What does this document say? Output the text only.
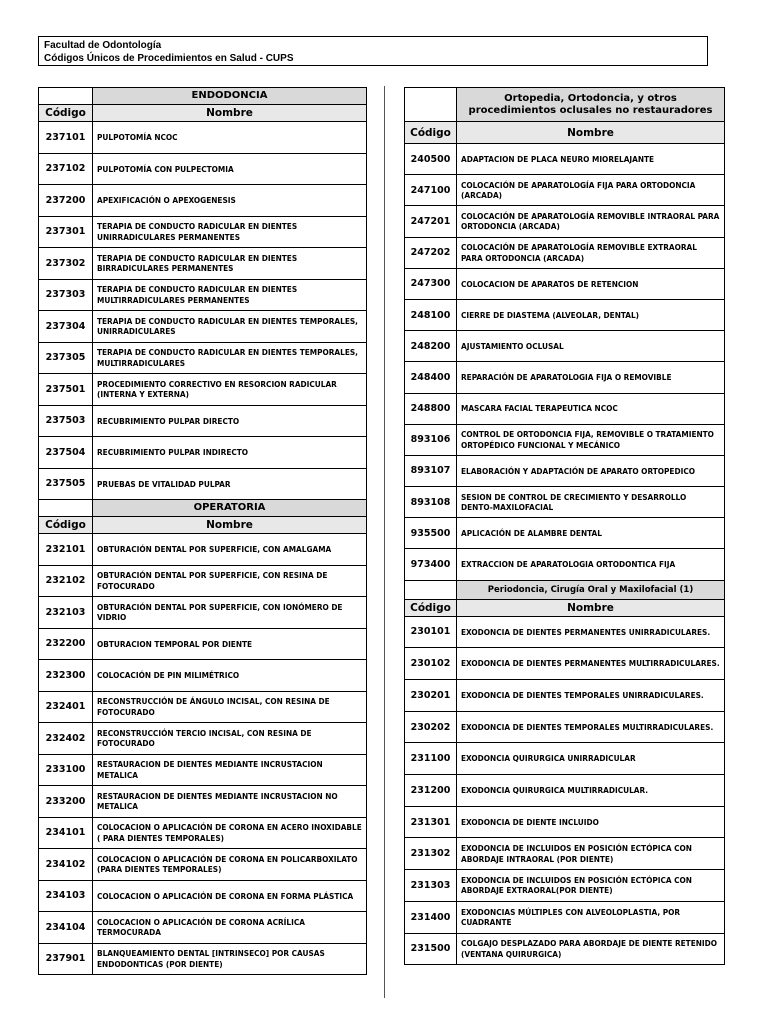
Facultad de Odontología
Códigos Únicos de Procedimientos en Salud - CUPS
	ENDODONCIA
Código	Nombre
237101	PULPOTOMÍA NCOC
237102	PULPOTOMÍA CON PULPECTOMIA
237200	APEXIFICACIÓN O APEXOGENESIS
237301	TERAPIA DE CONDUCTO RADICULAR EN DIENTES UNIRRADICULARES PERMANENTES
237302	TERAPIA DE CONDUCTO RADICULAR EN DIENTES BIRRADICULARES PERMANENTES
237303	TERAPIA DE CONDUCTO RADICULAR EN DIENTES MULTIRRADICULARES PERMANENTES
237304	TERAPIA DE CONDUCTO RADICULAR EN DIENTES TEMPORALES, UNIRRADICULARES
237305	TERAPIA DE CONDUCTO RADICULAR EN DIENTES TEMPORALES, MULTIRRADICULARES
237501	PROCEDIMIENTO CORRECTIVO EN RESORCION RADICULAR (INTERNA Y EXTERNA)
237503	RECUBRIMIENTO PULPAR DIRECTO
237504	RECUBRIMIENTO PULPAR INDIRECTO
237505	PRUEBAS DE VITALIDAD PULPAR
	OPERATORIA
Código	Nombre
232101	OBTURACIÓN DENTAL POR SUPERFICIE, CON AMALGAMA
232102	OBTURACIÓN DENTAL POR SUPERFICIE, CON RESINA DE FOTOCURADO
232103	OBTURACIÓN DENTAL POR SUPERFICIE, CON IONÓMERO DE VIDRIO
232200	OBTURACION TEMPORAL POR DIENTE
232300	COLOCACIÓN DE PIN MILIMÉTRICO
232401	RECONSTRUCCIÓN DE ÁNGULO INCISAL, CON RESINA DE FOTOCURADO
232402	RECONSTRUCCIÓN TERCIO INCISAL, CON RESINA DE FOTOCURADO
233100	RESTAURACION DE DIENTES MEDIANTE INCRUSTACION METALICA
233200	RESTAURACION DE DIENTES MEDIANTE INCRUSTACION NO METALICA
234101	COLOCACION O APLICACIÓN DE CORONA EN ACERO INOXIDABLE ( PARA DIENTES TEMPORALES)
234102	COLOCACION O APLICACIÓN DE CORONA EN POLICARBOXILATO (PARA DIENTES TEMPORALES)
234103	COLOCACION O APLICACIÓN DE CORONA EN FORMA PLÁSTICA
234104	COLOCACION O APLICACIÓN DE CORONA ACRÍLICA TERMOCURADA
237901	BLANQUEAMIENTO DENTAL [INTRINSECO] POR CAUSAS ENDODONTICAS (POR DIENTE)
	Ortopedia, Ortodoncia, y otros procedimientos oclusales no restauradores
Código	Nombre
240500	ADAPTACION DE PLACA NEURO MIORELAJANTE
247100	COLOCACIÓN DE APARATOLOGÍA FIJA PARA ORTODONCIA (ARCADA)
247201	COLOCACIÓN DE APARATOLOGÍA REMOVIBLE INTRAORAL PARA ORTODONCIA (ARCADA)
247202	COLOCACIÓN DE APARATOLOGÍA REMOVIBLE EXTRAORAL PARA ORTODONCIA (ARCADA)
247300	COLOCACION DE APARATOS DE RETENCION
248100	CIERRE DE DIASTEMA (ALVEOLAR, DENTAL)
248200	AJUSTAMIENTO OCLUSAL
248400	REPARACIÓN DE APARATOLOGIA FIJA O REMOVIBLE
248800	MASCARA FACIAL TERAPEUTICA NCOC
893106	CONTROL DE ORTODONCIA FIJA, REMOVIBLE O TRATAMIENTO ORTOPÉDICO FUNCIONAL Y MECÁNICO
893107	ELABORACIÓN Y ADAPTACIÓN DE APARATO ORTOPEDICO
893108	SESION DE CONTROL DE CRECIMIENTO Y DESARROLLO DENTO-MAXILOFACIAL
935500	APLICACIÓN DE ALAMBRE DENTAL
973400	EXTRACCION DE APARATOLOGIA ORTODONTICA FIJA
	Periodoncia, Cirugía Oral y Maxilofacial (1)
Código	Nombre
230101	EXODONCIA DE DIENTES PERMANENTES UNIRRADICULARES.
230102	EXODONCIA DE DIENTES PERMANENTES MULTIRRADICULARES.
230201	EXODONCIA DE DIENTES TEMPORALES UNIRRADICULARES.
230202	EXODONCIA DE DIENTES TEMPORALES MULTIRRADICULARES.
231100	EXODONCIA QUIRURGICA UNIRRADICULAR
231200	EXODONCIA QUIRURGICA MULTIRRADICULAR.
231301	EXODONCIA DE DIENTE INCLUIDO
231302	EXODONCIA DE INCLUIDOS EN POSICIÓN ECTÓPICA CON ABORDAJE INTRAORAL (POR DIENTE)
231303	EXODONCIA DE INCLUIDOS EN POSICIÓN ECTÓPICA CON ABORDAJE EXTRAORAL(POR DIENTE)
231400	EXODONCIAS MÚLTIPLES CON ALVEOLOPLASTIA, POR CUADRANTE
231500	COLGAJO DESPLAZADO PARA ABORDAJE DE DIENTE RETENIDO (VENTANA QUIRURGICA)
